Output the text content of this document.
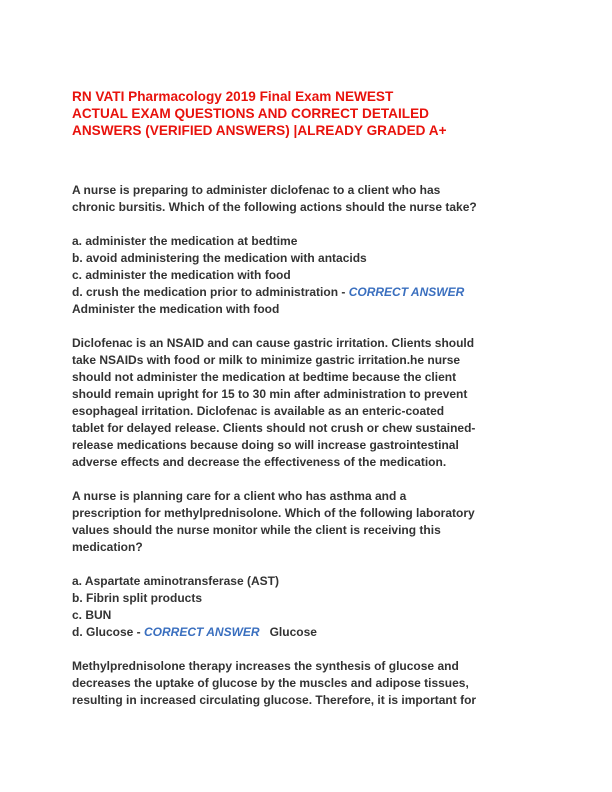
RN VATI Pharmacology 2019 Final Exam NEWEST
ACTUAL EXAM QUESTIONS AND CORRECT DETAILED
ANSWERS (VERIFIED ANSWERS) |ALREADY GRADED A+
A nurse is preparing to administer diclofenac to a client who has
chronic bursitis. Which of the following actions should the nurse take?
a. administer the medication at bedtime
b. avoid administering the medication with antacids
c. administer the medication with food
d. crush the medication prior to administration - CORRECT ANSWER
Administer the medication with food
Diclofenac is an NSAID and can cause gastric irritation. Clients should
take NSAIDs with food or milk to minimize gastric irritation.he nurse
should not administer the medication at bedtime because the client
should remain upright for 15 to 30 min after administration to prevent
esophageal irritation. Diclofenac is available as an enteric-coated
tablet for delayed release. Clients should not crush or chew sustained-
release medications because doing so will increase gastrointestinal
adverse effects and decrease the effectiveness of the medication.
A nurse is planning care for a client who has asthma and a
prescription for methylprednisolone. Which of the following laboratory
values should the nurse monitor while the client is receiving this
medication?
a. Aspartate aminotransferase (AST)
b. Fibrin split products
c. BUN
d. Glucose - CORRECT ANSWER Glucose
Methylprednisolone therapy increases the synthesis of glucose and
decreases the uptake of glucose by the muscles and adipose tissues,
resulting in increased circulating glucose. Therefore, it is important for
